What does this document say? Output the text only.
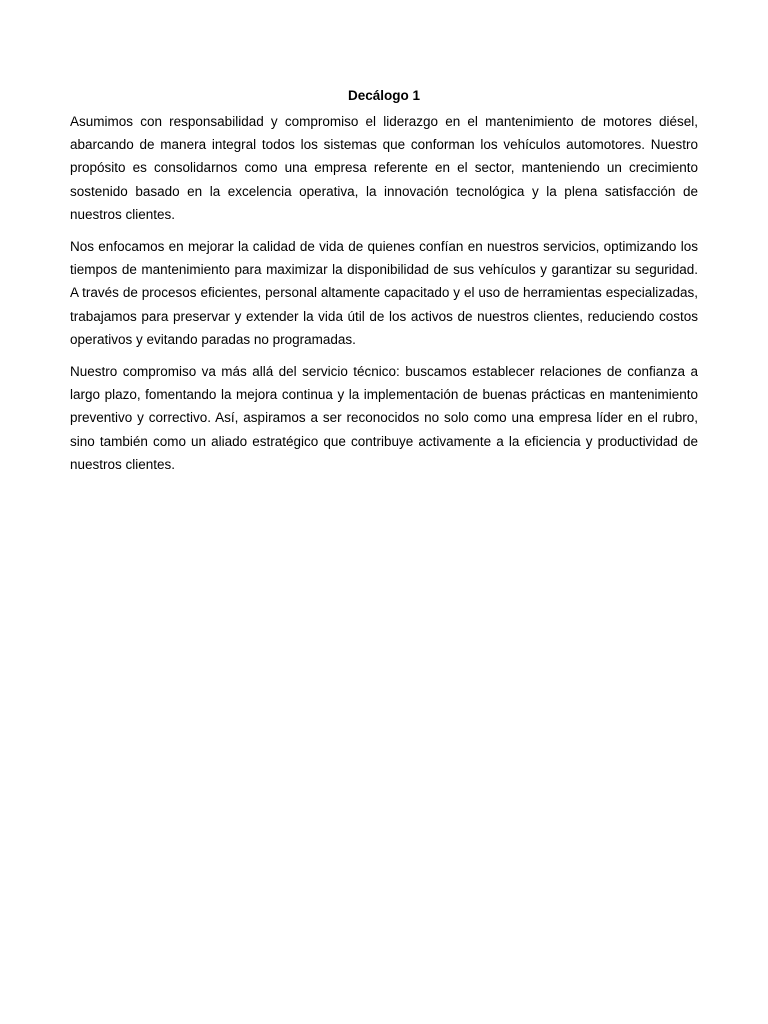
Decálogo 1

Asumimos con responsabilidad y compromiso el liderazgo en el mantenimiento de motores diésel, abarcando de manera integral todos los sistemas que conforman los vehículos automotores. Nuestro propósito es consolidarnos como una empresa referente en el sector, manteniendo un crecimiento sostenido basado en la excelencia operativa, la innovación tecnológica y la plena satisfacción de nuestros clientes.

Nos enfocamos en mejorar la calidad de vida de quienes confían en nuestros servicios, optimizando los tiempos de mantenimiento para maximizar la disponibilidad de sus vehículos y garantizar su seguridad. A través de procesos eficientes, personal altamente capacitado y el uso de herramientas especializadas, trabajamos para preservar y extender la vida útil de los activos de nuestros clientes, reduciendo costos operativos y evitando paradas no programadas.

Nuestro compromiso va más allá del servicio técnico: buscamos establecer relaciones de confianza a largo plazo, fomentando la mejora continua y la implementación de buenas prácticas en mantenimiento preventivo y correctivo. Así, aspiramos a ser reconocidos no solo como una empresa líder en el rubro, sino también como un aliado estratégico que contribuye activamente a la eficiencia y productividad de nuestros clientes.
